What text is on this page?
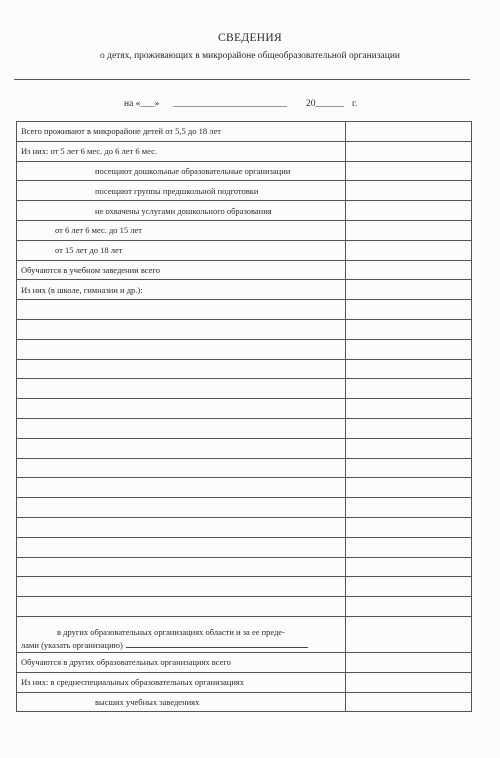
СВЕДЕНИЯ
о детях, проживающих в микрорайоне общеобразовательной организации
на «___» ________________________ 20______ г.
Всего проживают в микрорайоне детей от 5,5 до 18 лет	
Из них: от 5 лет 6 мес. до 6 лет 6 мес.	
посещают дошкольные образовательные организации	
посещают группы предшкольной подготовки	
не охвачены услугами дошкольного образования	
от 6 лет 6 мес. до 15 лет	
от 15 лет до 18 лет	
Обучаются в учебном заведении всего	
Из них (в школе, гимназии и др.):	

в других образовательных организациях области и за ее преде-
лами (указать организацию)	

Обучаются в других образовательных организациях всего	
Из них: в среднеспециальных образовательных организациях	
высших учебных заведениях	
